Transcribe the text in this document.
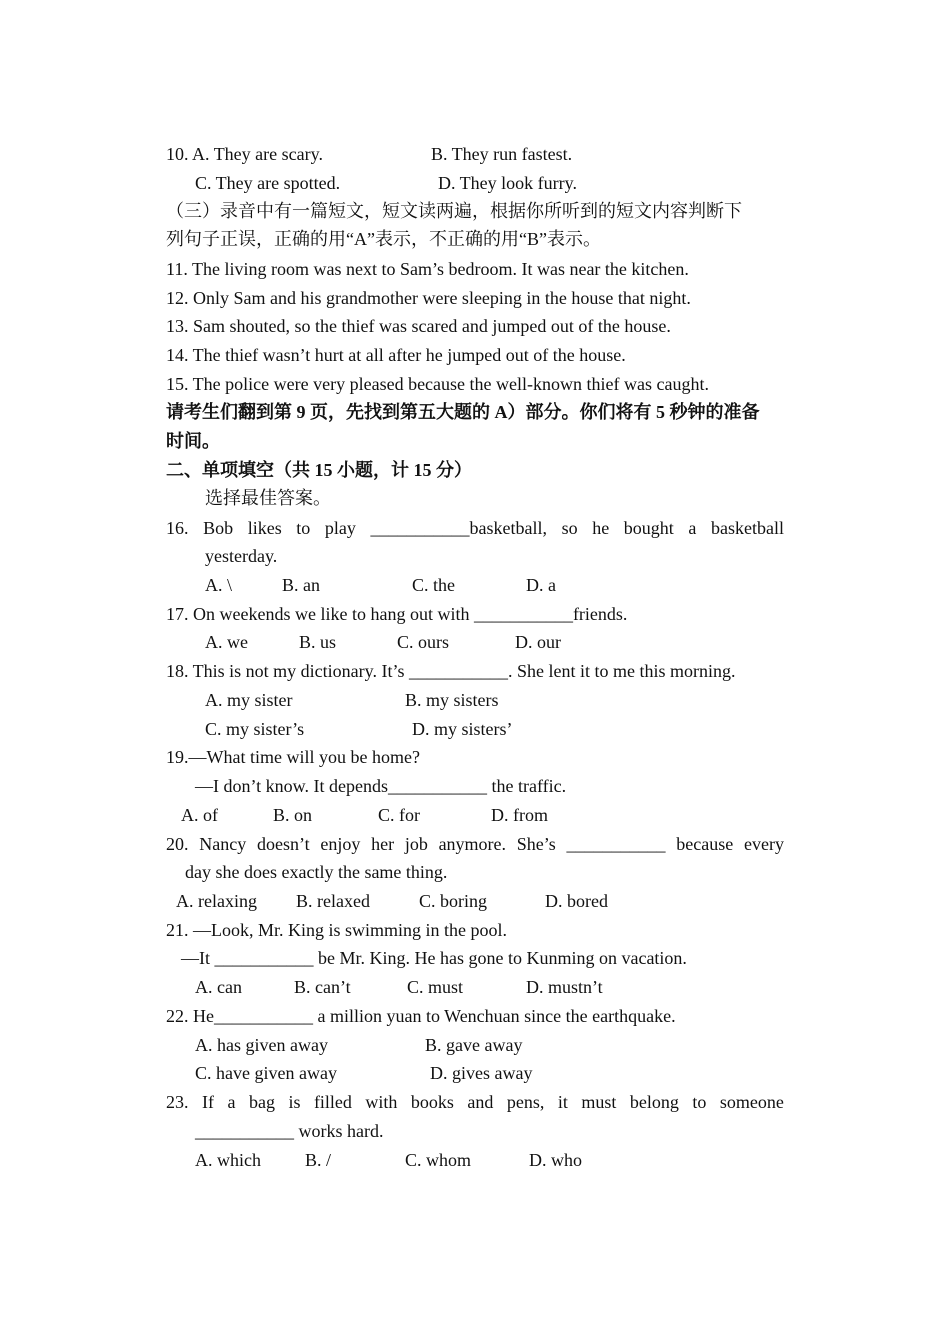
10. A. They are scary.	B. They run fastest.
C. They are spotted.	D. They look furry.
（三）录音中有一篇短文，短文读两遍，根据你所听到的短文内容判断下
列句子正误，正确的用“A”表示，不正确的用“B”表示。
11. The living room was next to Sam’s bedroom. It was near the kitchen.
12. Only Sam and his grandmother were sleeping in the house that night.
13. Sam shouted, so the thief was scared and jumped out of the house.
14. The thief wasn’t hurt at all after he jumped out of the house.
15. The police were very pleased because the well-known thief was caught.
请考生们翻到第 9 页，先找到第五大题的 A）部分。你们将有 5 秒钟的准备
时间。
二、单项填空（共 15 小题，计 15 分）
选择最佳答案。
16. Bob likes to play ___________basketball, so he bought a basketball
yesterday.
A. \	B. an	C. the	D. a
17. On weekends we like to hang out with ___________friends.
A. we	B. us	C. ours	D. our
18. This is not my dictionary. It’s ___________. She lent it to me this morning.
A. my sister	B. my sisters
C. my sister’s	D. my sisters’
19.—What time will you be home?
—I don’t know. It depends___________ the traffic.
A. of	B. on	C. for	D. from
20. Nancy doesn’t enjoy her job anymore. She’s ___________ because every
day she does exactly the same thing.
A. relaxing B. relaxed	C. boring	D. bored
21. —Look, Mr. King is swimming in the pool.
—It ___________ be Mr. King. He has gone to Kunming on vacation.
A. can	B. can’t	C. must	D. mustn’t
22. He___________ a million yuan to Wenchuan since the earthquake.
A. has given away	B. gave away
C. have given away	D. gives away
23. If a bag is filled with books and pens, it must belong to someone
___________ works hard.
A. which B. /	C. whom	D. who
